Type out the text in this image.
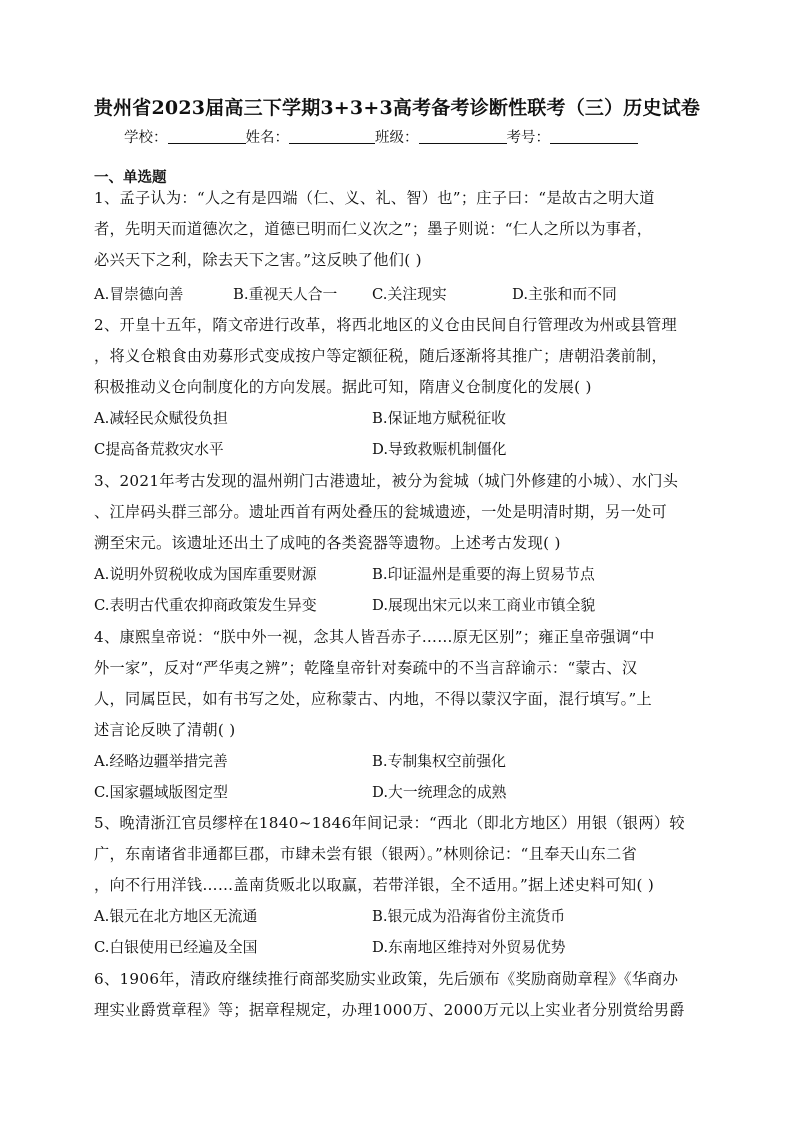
贵州省2023届高三下学期3+3+3高考备考诊断性联考（三）历史试卷
学校：	姓名：	班级：	考号：
一、单选题
1、孟子认为：“人之有是四端（仁、义、礼、智）也”；庄子曰：“是故古之明大道
者，先明天而道德次之，道德已明而仁义次之”；墨子则说：“仁人之所以为事者，
必兴天下之利，除去天下之害。”这反映了他们( )
A.冒崇德向善	B.重视天人合一 C.关注现实	D.主张和而不同
2、开皇十五年，隋文帝进行改革，将西北地区的义仓由民间自行管理改为州或县管理
，将义仓粮食由劝募形式变成按户等定额征税，随后逐渐将其推广；唐朝沿袭前制，
积极推动义仓向制度化的方向发展。据此可知，隋唐义仓制度化的发展( )
A.减轻民众赋役负担	B.保证地方赋税征收
C提高备荒救灾水平	D.导致救赈机制僵化
3、2021年考古发现的温州朔门古港遗址，被分为瓮城（城门外修建的小城）、水门头
、江岸码头群三部分。遗址西首有两处叠压的瓮城遗迹，一处是明清时期，另一处可
溯至宋元。该遗址还出土了成吨的各类瓷器等遗物。上述考古发现( )
A.说明外贸税收成为国库重要财源	B.印证温州是重要的海上贸易节点
C.表明古代重农抑商政策发生异变	D.展现出宋元以来工商业市镇全貌
4、康熙皇帝说：“朕中外一视，念其人皆吾赤子……原无区别”；雍正皇帝强调“中
外一家”，反对“严华夷之辨”；乾隆皇帝针对奏疏中的不当言辞谕示：“蒙古、汉
人，同属臣民，如有书写之处，应称蒙古、内地，不得以蒙汉字面，混行填写。”上
述言论反映了清朝( )
A.经略边疆举措完善	B.专制集权空前强化
C.国家疆域版图定型	D.大一统理念的成熟
5、晚清浙江官员缪梓在1840~1846年间记录：“西北（即北方地区）用银（银两）较
广，东南诸省非通都巨郡，市肆未尝有银（银两）。”林则徐记：“且奉天山东二省
，向不行用洋钱……盖南货贩北以取赢，若带洋银，全不适用。”据上述史料可知( )
A.银元在北方地区无流通	B.银元成为沿海省份主流货币
C.白银使用已经遍及全国	D.东南地区维持对外贸易优势
6、1906年，清政府继续推行商部奖励实业政策，先后颁布《奖励商勋章程》《华商办
理实业爵赏章程》等；据章程规定，办理1000万、2000万元以上实业者分别赏给男爵
